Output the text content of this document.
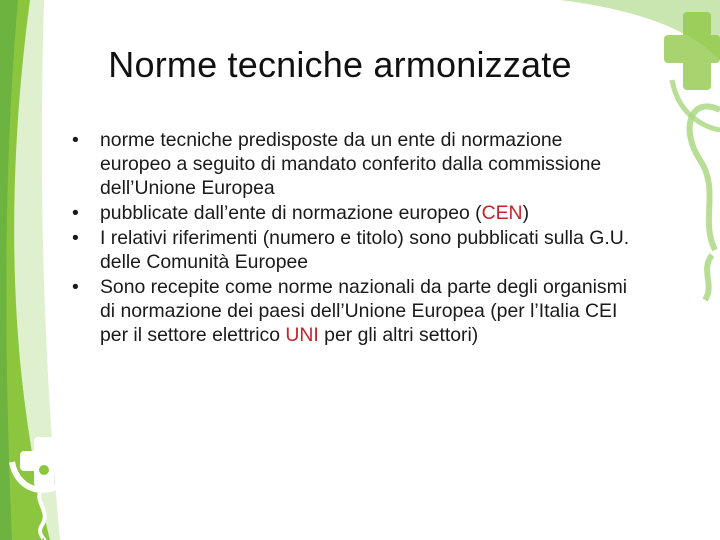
Norme tecniche armonizzate
•	norme tecniche predisposte da un ente di normazione europeo a seguito di mandato conferito dalla commissione dell’Unione Europea
•	pubblicate dall’ente di normazione europeo (CEN)
•	I relativi riferimenti (numero e titolo) sono pubblicati sulla G.U. delle Comunità Europee
•	Sono recepite come norme nazionali da parte degli organismi di normazione dei paesi dell’Unione Europea (per l’Italia CEI per il settore elettrico UNI per gli altri settori)
